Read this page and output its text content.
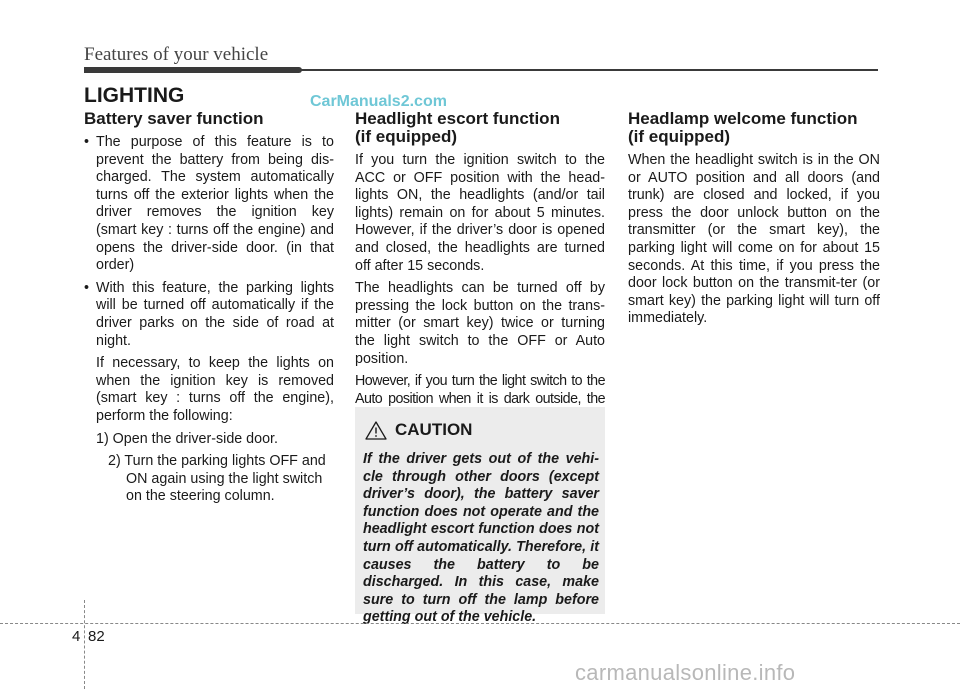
Features of your vehicle
LIGHTING	CarManuals2.com
Battery saver function
• The purpose of this feature is to prevent the battery from being dis-charged. The system automatically turns off the exterior lights when the driver removes the ignition key (smart key : turns off the engine) and opens the driver-side door. (in that order)
• With this feature, the parking lights will be turned off automatically if the driver parks on the side of road at night.

If necessary, to keep the lights on when the ignition key is removed (smart key : turns off the engine), perform the following:

1) Open the driver-side door.

2) Turn the parking lights OFF and ON again using the light switch on the steering column.

Headlight escort function
(if equipped)

If you turn the ignition switch to the ACC or OFF position with the head-lights ON, the headlights (and/or tail lights) remain on for about 5 minutes. However, if the driver’s door is opened and closed, the headlights are turned off after 15 seconds.

The headlights can be turned off by pressing the lock button on the trans-mitter (or smart key) twice or turning the light switch to the OFF or Auto position.

However, if you turn the light switch to the Auto position when it is dark outside, the

CAUTION
If the driver gets out of the vehi-cle through other doors (except driver’s door), the battery saver function does not operate and the headlight escort function does not turn off automatically. Therefore, it causes the battery to be discharged. In this case, make sure to turn off the lamp before getting out of the vehicle.
Headlamp welcome function
(if equipped)

When the headlight switch is in the ON or AUTO position and all doors (and trunk) are closed and locked, if you press the door unlock button on the transmitter (or the smart key), the parking light will come on for about 15 seconds. At this time, if you press the door lock button on the transmit-ter (or smart key) the parking light will turn off immediately.

4 82
carmanualsonline.info
